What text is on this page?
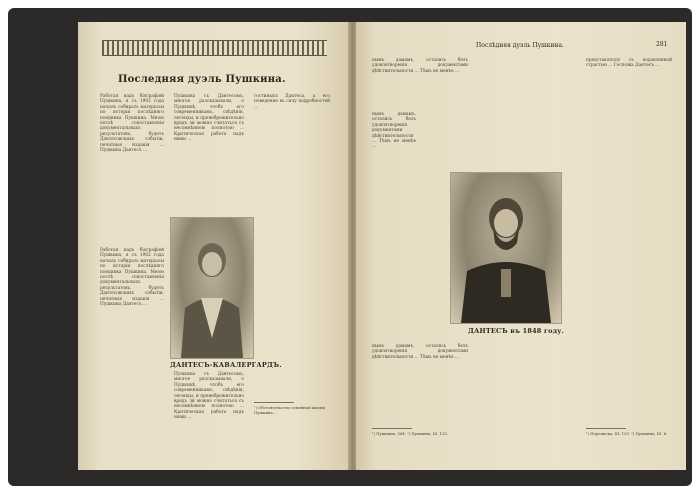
Последняя дуэль Пушкина.
Работая надъ біографіей Пушкина, я съ 1902 года началъ собирать матеріалы по исторіи послѣдняго поединка Пушкина. Мною послѣ сопоставленія документальныхъ результатовъ, будетъ Дантесовскихъ событіи, печатные изданія ... Пушкина Дантесъ ...
Пушкина съ Дантесомъ, многое разсказывали, о Пушкинѣ, чтобъ его современникамъ, свѣдѣнія, легенды, и пренебрежительно врядъ ли можно считаться съ несомнѣнною полнотою ... Критическая работа надъ ними ...
гостиныхъ Дантеса, а его поведение въ силу подробностей ...
ДАНТЕСЪ-КАВАЛЕРГАРДЪ.
Работая надъ біографіей Пушкина, я съ 1902 года началъ собирать матеріалы по исторіи послѣдняго поединка Пушкина. Мною послѣ сопоставленія документальныхъ результатовъ, будетъ Дантесовскихъ событіи, печатные изданія ... Пушкина Дантесъ ...
Пушкина съ Дантесомъ, многое разсказывали, о Пушкинѣ, чтобъ его современникамъ, свѣдѣнія, легенды, и пренебрежительно врядъ ли можно считаться съ несомнѣнною полнотою ... Критическая работа надъ ними ...
¹) Обстоятельство семейной жизни Пушкина ...
Послѣдняя дуэль Пушкина.	281
нымъ дамамъ, остались безъ удовлетворенія документами дѣйствительности ... Тѣмъ не менѣе ...
нымъ дамамъ, остались безъ удовлетворенія документами дѣйствительности ... Тѣмъ не менѣе ...
представлялся съ подавленной страстью ... Госпожа Дантесъ ...
ДАНТЕСЪ въ 1848 году.
нымъ дамамъ, остались безъ удовлетворенія документами дѣйствительности ... Тѣмъ не менѣе ...
¹) Пушкинъ, 364. ²) Пушкинъ, III. 133.	¹) Переписка, III, 133. ²) Пушкинъ, III. 6.
